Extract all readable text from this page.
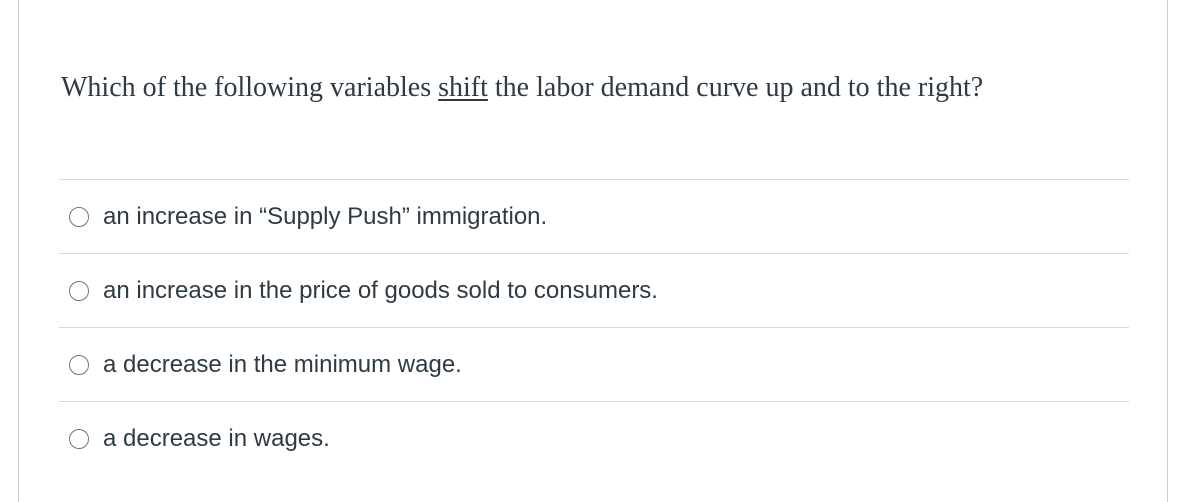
Which of the following variables shift the labor demand curve up and to the right?

an increase in “Supply Push” immigration.
an increase in the price of goods sold to consumers.
a decrease in the minimum wage.
a decrease in wages.
